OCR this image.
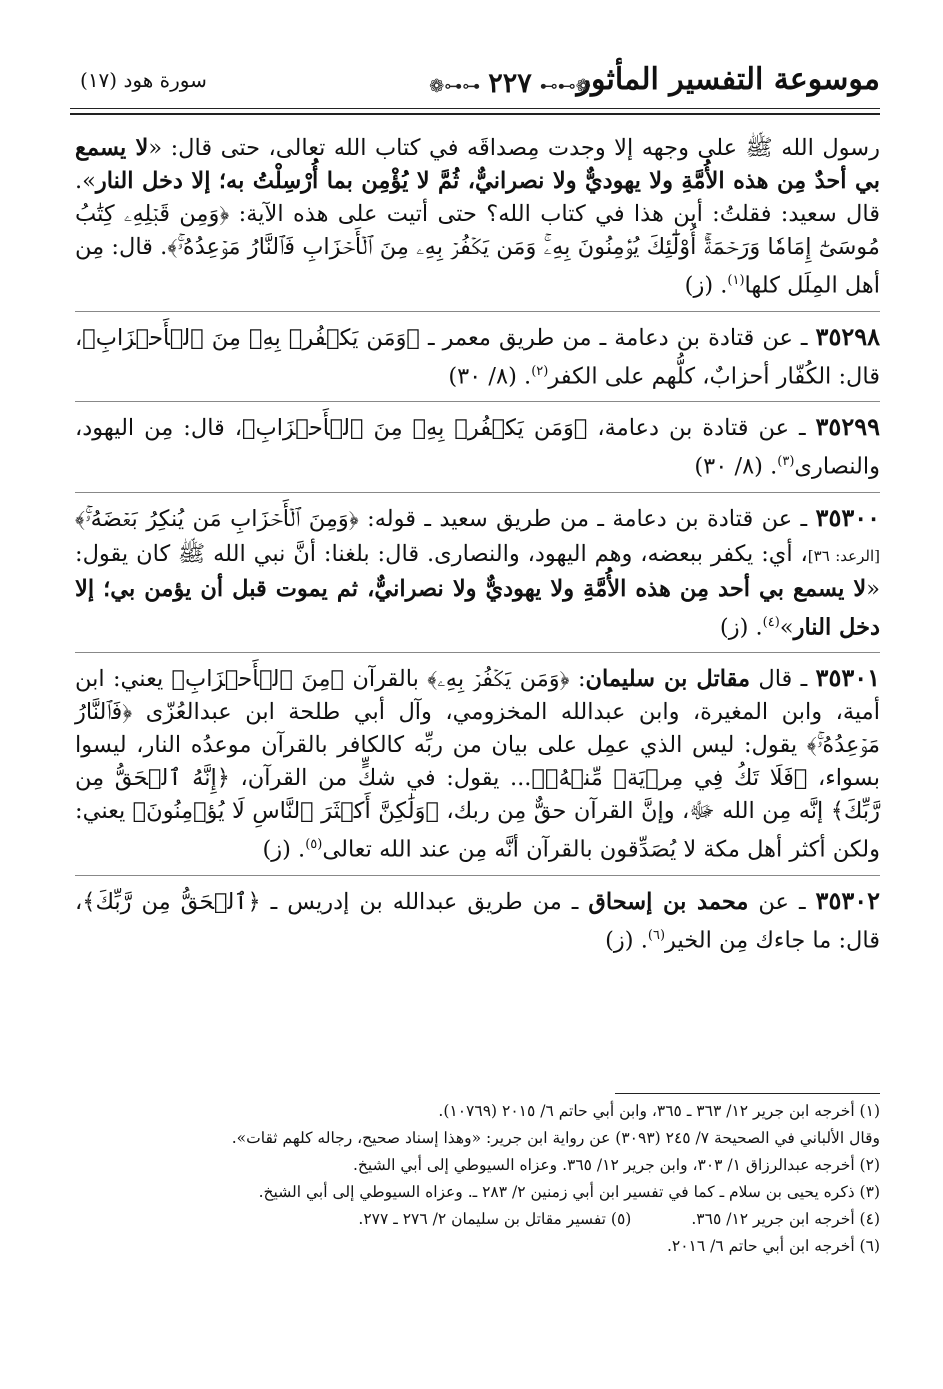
موسوعة التفسير المأثور
❁⊶⊶٢٢٧⊷⊷❁
سورة هود (١٧)

رسول الله ﷺ على وجهه إلا وجدت مِصداقَه في كتاب الله تعالى، حتى قال: «لا يسمع بي أحدٌ مِن هذه الأُمَّةِ ولا يهوديٌّ ولا نصرانيٌّ، ثُمَّ لا يُؤْمِن بما أُرْسِلْتُ به؛ إلا دخل النار». قال سعيد: فقلتُ: أين هذا في كتاب الله؟ حتى أتيت على هذه الآية: ﴿وَمِن قَبۡلِهِۦ كِتَٰبُ مُوسَىٰٓ إِمَامٗا وَرَحۡمَةًۚ أُوْلَٰٓئِكَ يُؤۡمِنُونَ بِهِۦۚ وَمَن يَكۡفُرۡ بِهِۦ مِنَ ٱلۡأَحۡزَابِ فَٱلنَّارُ مَوۡعِدُهُۥۚ﴾. قال: مِن أهل المِلَل كلها$^{(١)}$. (ز)

٣٥٢٩٨ ـ عن قتادة بن دعامة ـ من طريق معمر ـ ﴿وَمَن يَكۡفُرۡ بِهِۦ مِنَ ٱلۡأَحۡزَابِ﴾، قال: الكُفّار أحزابٌ، كلُّهم على الكفر$^{(٢)}$. (٨/ ٣٠)

٣٥٢٩٩ ـ عن قتادة بن دعامة، ﴿وَمَن يَكۡفُرۡ بِهِۦ مِنَ ٱلۡأَحۡزَابِ﴾، قال: مِن اليهود، والنصارى$^{(٣)}$. (٨/ ٣٠)

٣٥٣٠٠ ـ عن قتادة بن دعامة ـ من طريق سعيد ـ قوله: ﴿وَمِنَ ٱلۡأَحۡزَابِ مَن يُنكِرُ بَعۡضَهُۥۚ﴾ [الرعد: ٣٦]، أي: يكفر ببعضه، وهم اليهود، والنصارى. قال: بلغنا: أنَّ نبي الله ﷺ كان يقول: «لا يسمع بي أحد مِن هذه الأُمَّةِ ولا يهوديٌّ ولا نصرانيٌّ، ثم يموت قبل أن يؤمن بي؛ إلا دخل النار»$^{(٤)}$. (ز)

٣٥٣٠١ ـ قال مقاتل بن سليمان: ﴿وَمَن يَكۡفُرۡ بِهِۦ﴾ بالقرآن ﴿مِنَ ٱلۡأَحۡزَابِ﴾ يعني: ابن أمية، وابن المغيرة، وابن عبدالله المخزومي، وآل أبي طلحة ابن عبدالعُزّى ﴿فَٱلنَّارُ مَوۡعِدُهُۥۚ﴾ يقول: ليس الذي عمِل على بيان من ربِّه كالكافر بالقرآن موعدُه النار، ليسوا بسواء، ﴿فَلَا تَكُ فِي مِرۡيَةٖ مِّنۡهُۚ﴾... يقول: في شكٍّ من القرآن، ﴿إِنَّهُ ٱلۡحَقُّ مِن رَّبِّكَ﴾ إنَّه مِن الله ﷻ، وإنَّ القرآن حقٌّ مِن ربك، ﴿وَلَٰكِنَّ أَكۡثَرَ ٱلنَّاسِ لَا يُؤۡمِنُونَ﴾ يعني: ولكن أكثر أهل مكة لا يُصَدِّقون بالقرآن أنَّه مِن عند الله تعالى$^{(٥)}$. (ز)

٣٥٣٠٢ ـ عن محمد بن إسحاق ـ من طريق عبدالله بن إدريس ـ ﴿ٱلۡحَقُّ مِن رَّبِّكَ﴾، قال: ما جاءك مِن الخير$^{(٦)}$. (ز)

(١) أخرجه ابن جرير ١٢/ ٣٦٣ ـ ٣٦٥، وابن أبي حاتم ٦/ ٢٠١٥ (١٠٧٦٩).

وقال الألباني في الصحيحة ٧/ ٢٤٥ (٣٠٩٣) عن رواية ابن جرير: «وهذا إسناد صحيح، رجاله كلهم ثقات».

(٢) أخرجه عبدالرزاق ١/ ٣٠٣، وابن جرير ١٢/ ٣٦٥. وعزاه السيوطي إلى أبي الشيخ.

(٣) ذكره يحيى بن سلام ـ كما في تفسير ابن أبي زمنين ٢/ ٢٨٣ ـ. وعزاه السيوطي إلى أبي الشيخ.

(٤) أخرجه ابن جرير ١٢/ ٣٦٥.

(٥) تفسير مقاتل بن سليمان ٢/ ٢٧٦ ـ ٢٧٧.

(٦) أخرجه ابن أبي حاتم ٦/ ٢٠١٦.
